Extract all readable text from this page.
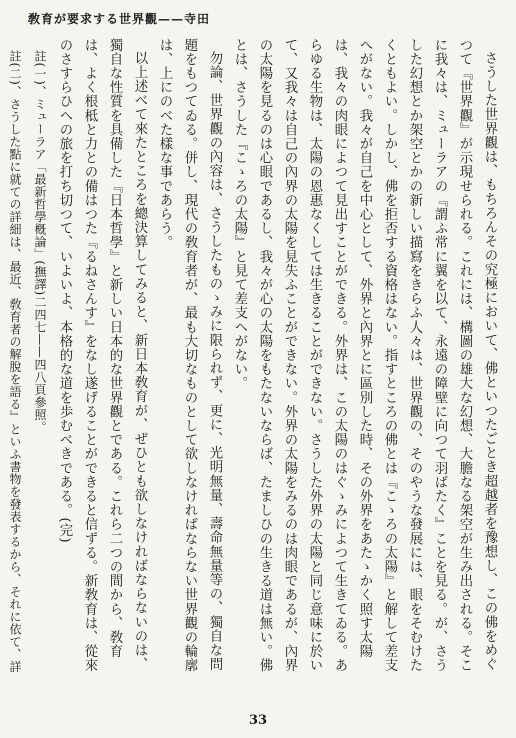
敎育が要求する世界觀——寺田

さうした世界觀は、もちろんその究極において、佛といつたごとき超越者を豫想し、この佛をめぐつて『世界觀』が示現せられる。これには、構圖の雄大な幻想、大膽なる架空が生み出される。そこに我々は、ミューラアの『謂ふ常に翼を以て、永遠の障壁に向つて羽ばたく』ことを見る。が、さうした幻想とか架空とかの新しい描寫をきらふ人々は、世界觀の、そのやうな發展には、眼をそむけたくともよい。しかし、佛を拒否する資格はない。指すところの佛とは『こゝろの太陽』と解して差支へがない。我々が自己を中心として、外界と內界とに區別した時、その外界をあたゝかく照す太陽は、我々の肉眼によつて見出すことができる。外界は、この太陽のはぐゝみによつて生きてゐる。あらゆる生物は、太陽の恩惠なくしては生きることができない。さうした外界の太陽と同じ意味に於いて、又我々は自己の內界の太陽を見失ふことができない。外界の太陽をみるのは肉眼であるが、內界の太陽を見るのは心眼であるし、我々が心の太陽をもたないならば、たましひの生きる道は無い。佛とは、さうした『こゝろの太陽』と見て差支へがない。

勿論、世界觀の內容は、さうしたものゝみに限られず、更に、光明無量、壽命無量等の、獨自な問題をもつてゐる。併し、現代の敎育者が、最も大切なものとして欲しなければならない世界觀の輪廓は、上にのべた樣な事であらう。

以上述べて來たところを總決算してみると、新日本敎育が、ぜひとも欲しなければならないのは、獨自な性質を具備した『日本哲學』と新しい日本的な世界觀とである。これら二つの間から、敎育は、よく根柢と力との備はつた『るねさんす』をなし遂げることができると信ずる。新敎育は、從來のさすらひへの旅を打ち切つて、いよいよ、本格的な道を歩むべきである。(完)

註(一)、ミューラア「最新哲學槪論」(撫譯)二四七——四八頁參照。

註(二)、さうした點に就ての詳細は、最近、敎育者の解脫を語る』といふ書物を發表するから、それに依て、詳

33
